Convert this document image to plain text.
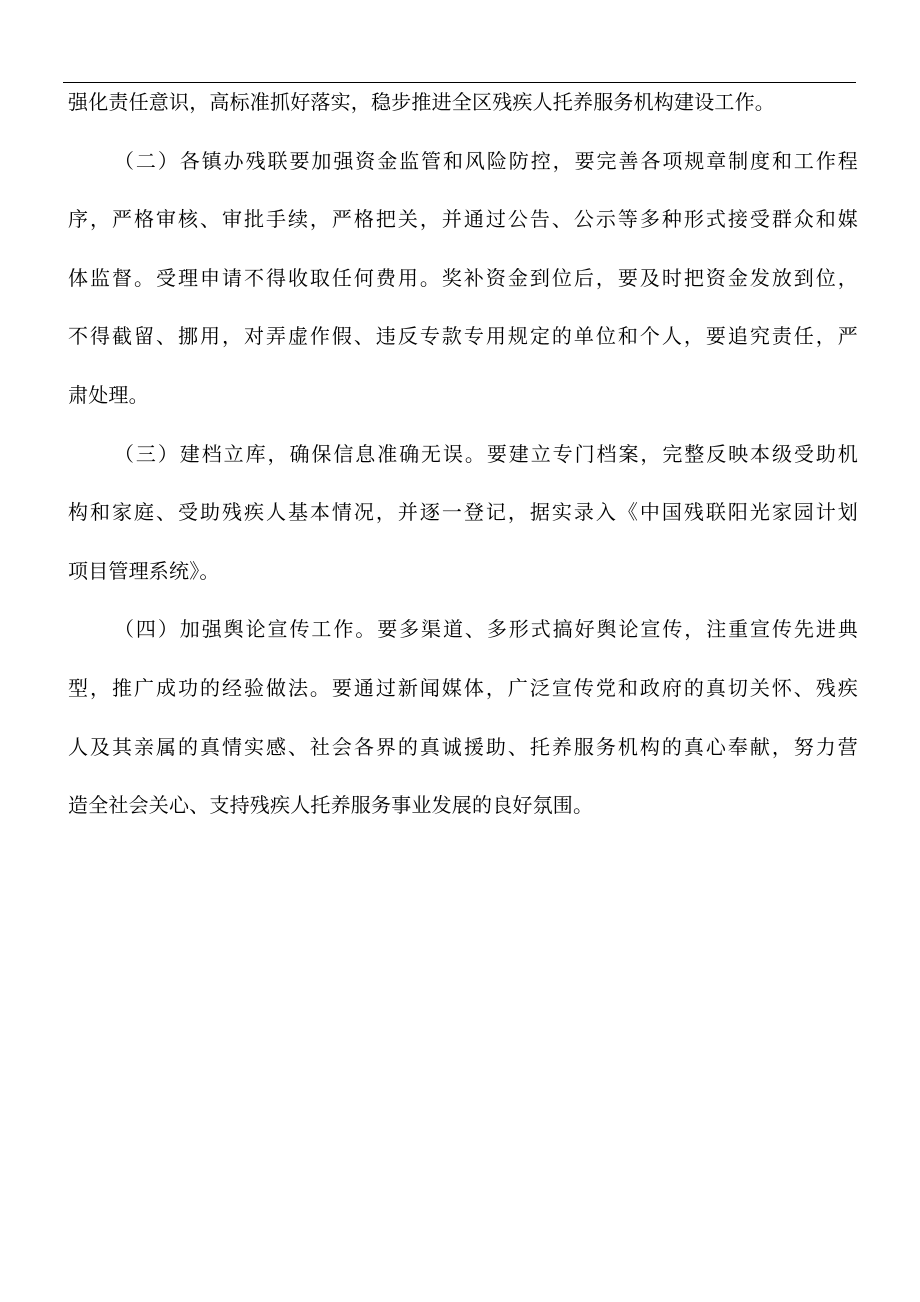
强化责任意识，高标准抓好落实，稳步推进全区残疾人托养服务机构建设工作。
（二）各镇办残联要加强资金监管和风险防控，要完善各项规章制度和工作程
序，严格审核、审批手续，严格把关，并通过公告、公示等多种形式接受群众和媒
体监督。受理申请不得收取任何费用。奖补资金到位后，要及时把资金发放到位，
不得截留、挪用，对弄虚作假、违反专款专用规定的单位和个人，要追究责任，严
肃处理。
（三）建档立库，确保信息准确无误。要建立专门档案，完整反映本级受助机
构和家庭、受助残疾人基本情况，并逐一登记，据实录入《中国残联阳光家园计划
项目管理系统》。
（四）加强舆论宣传工作。要多渠道、多形式搞好舆论宣传，注重宣传先进典
型，推广成功的经验做法。要通过新闻媒体，广泛宣传党和政府的真切关怀、残疾
人及其亲属的真情实感、社会各界的真诚援助、托养服务机构的真心奉献，努力营
造全社会关心、支持残疾人托养服务事业发展的良好氛围。
